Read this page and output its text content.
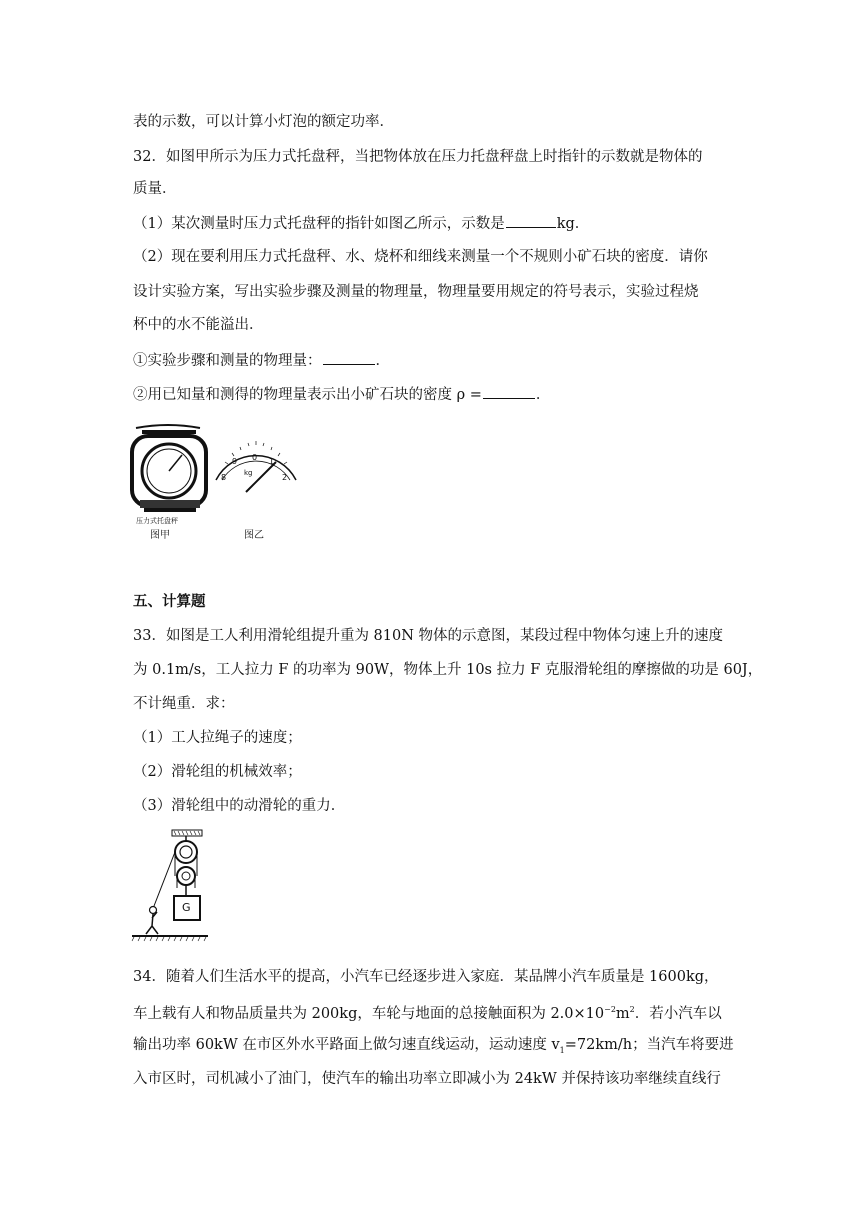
表的示数，可以计算小灯泡的额定功率．
32．如图甲所示为压力式托盘秤，当把物体放在压力托盘秤盘上时指针的示数就是物体的
质量．
（1）某次测量时压力式托盘秤的指针如图乙所示，示数是	kg．
（2）现在要利用压力式托盘秤、水、烧杯和细线来测量一个不规则小矿石块的密度．请你
设计实验方案，写出实验步骤及测量的物理量，物理量要用规定的符号表示，实验过程烧
杯中的水不能溢出．
①实验步骤和测量的物理量：	．
②用已知量和测得的物理量表示出小矿石块的密度 ρ =	．
压力式托盘秤
图甲	图乙
9 0 1
8	2
kg
五、计算题
33．如图是工人利用滑轮组提升重为 810N 物体的示意图，某段过程中物体匀速上升的速度
为 0.1m/s，工人拉力 F 的功率为 90W，物体上升 10s 拉力 F 克服滑轮组的摩擦做的功是 60J，
不计绳重．求：
（1）工人拉绳子的速度；
（2）滑轮组的机械效率；
（3）滑轮组中的动滑轮的重力．
G
34．随着人们生活水平的提高，小汽车已经逐步进入家庭．某品牌小汽车质量是 1600kg，
车上载有人和物品质量共为 200kg，车轮与地面的总接触面积为 $2.0\times 10^{-2}m^2$．若小汽车以
输出功率 60kW 在市区外水平路面上做匀速直线运动，运动速度 $v_1=72km/h$；当汽车将要进
入市区时，司机减小了油门，使汽车的输出功率立即减小为 24kW 并保持该功率继续直线行
